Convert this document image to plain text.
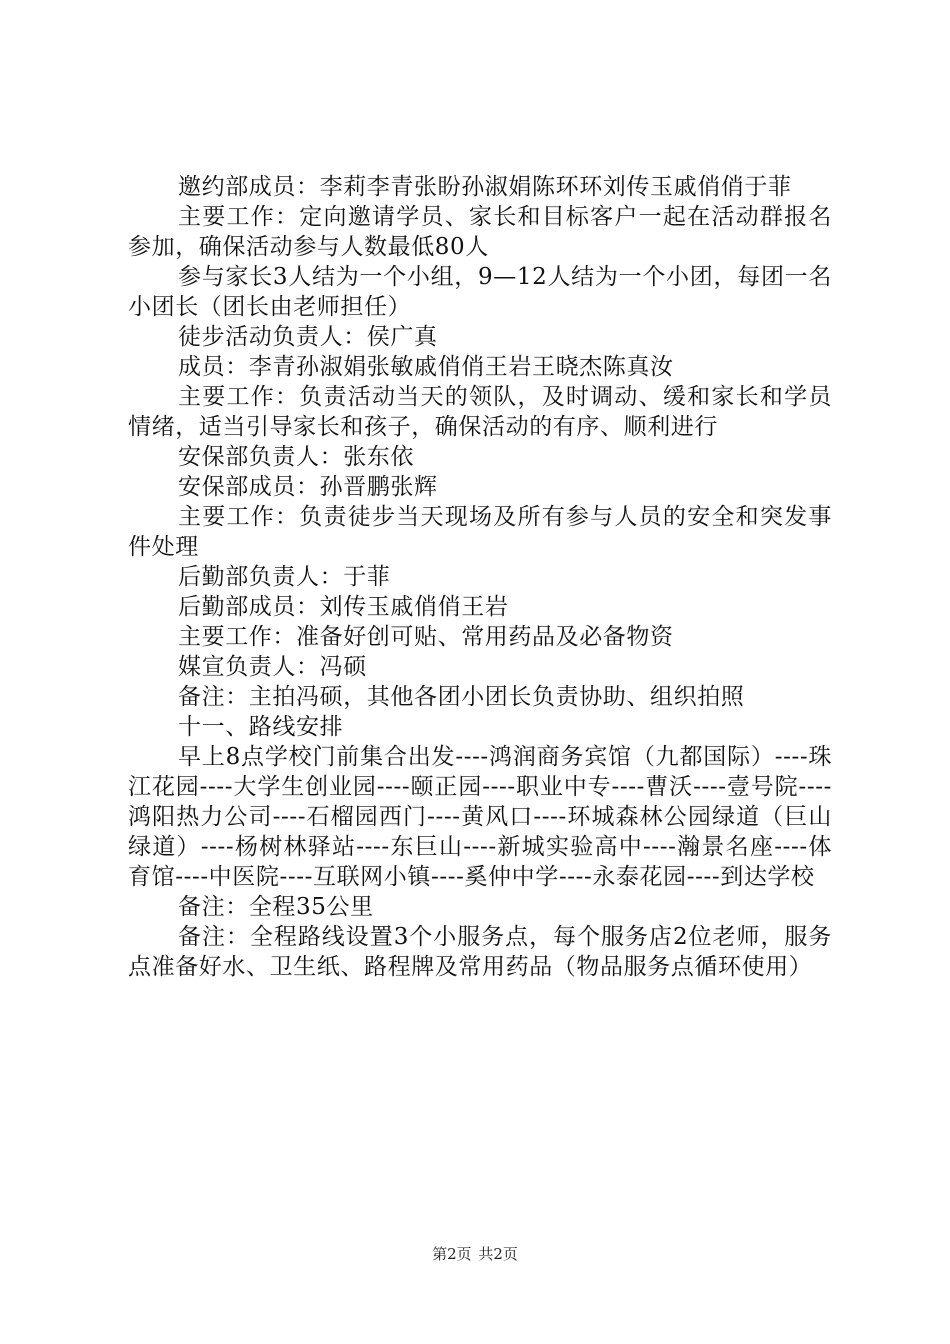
邀约部成员：李莉李青张盼孙淑娟陈环环刘传玉戚俏俏于菲

主要工作：定向邀请学员、家长和目标客户一起在活动群报名参加，确保活动参与人数最低80人

参与家长3人结为一个小组，9—12人结为一个小团，每团一名小团长（团长由老师担任）

徒步活动负责人：侯广真

成员：李青孙淑娟张敏戚俏俏王岩王晓杰陈真汝

主要工作：负责活动当天的领队，及时调动、缓和家长和学员情绪，适当引导家长和孩子，确保活动的有序、顺利进行

安保部负责人：张东依

安保部成员：孙晋鹏张辉

主要工作：负责徒步当天现场及所有参与人员的安全和突发事件处理

后勤部负责人：于菲

后勤部成员：刘传玉戚俏俏王岩

主要工作：准备好创可贴、常用药品及必备物资

媒宣负责人：冯硕

备注：主拍冯硕，其他各团小团长负责协助、组织拍照

十一、路线安排

早上8点学校门前集合出发----鸿润商务宾馆（九都国际）----珠江花园----大学生创业园----颐正园----职业中专----曹沃----壹号院----鸿阳热力公司----石榴园西门----黄风口----环城森林公园绿道（巨山绿道）----杨树林驿站----东巨山----新城实验高中----瀚景名座----体育馆----中医院----互联网小镇----奚仲中学----永泰花园----到达学校

备注：全程35公里

备注：全程路线设置3个小服务点，每个服务店2位老师，服务点准备好水、卫生纸、路程牌及常用药品（物品服务点循环使用）

第2页 共2页
